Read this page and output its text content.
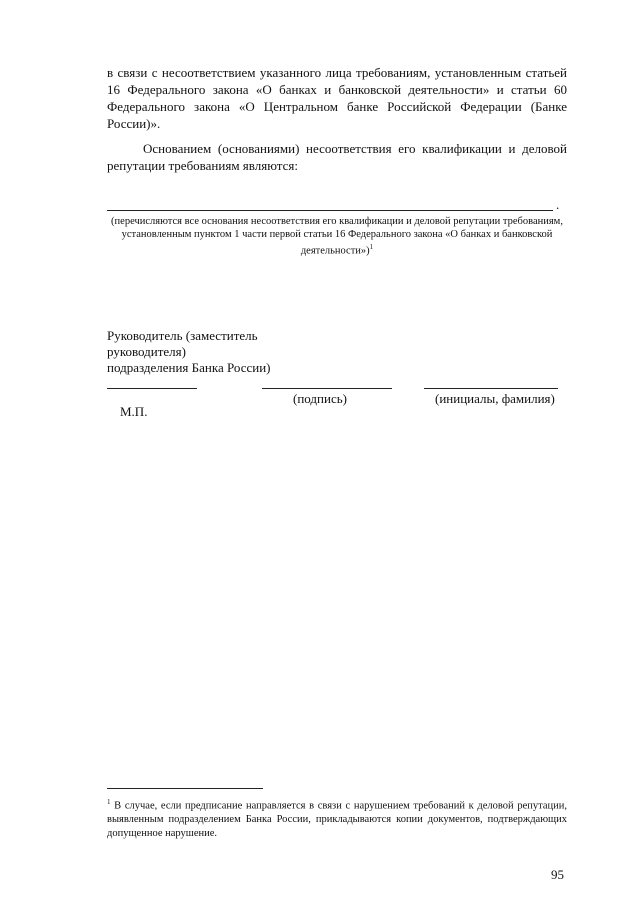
в связи с несоответствием указанного лица требованиям, установленным статьей 16 Федерального закона «О банках и банковской деятельности» и статьи 60 Федерального закона «О Центральном банке Российской Федерации (Банке России)».

Основанием (основаниями) несоответствия его квалификации и деловой репутации требованиям являются:

.

(перечисляются все основания несоответствия его квалификации и деловой репутации требованиям, установленным пунктом 1 части первой статьи 16 Федерального закона «О банках и банковской деятельности»)$^1$

Руководитель (заместитель
руководителя)
подразделения Банка России)
(подпись)	(инициалы, фамилия)
М.П.

$^1$ В случае, если предписание направляется в связи с нарушением требований к деловой репутации, выявленным подразделением Банка России, прикладываются копии документов, подтверждающих допущенное нарушение.

95
